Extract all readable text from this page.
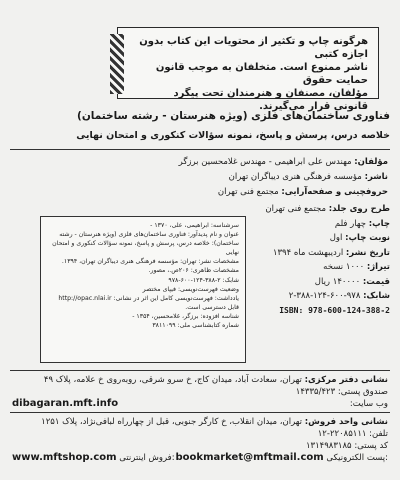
هرگونه چاپ و تکثیر از محتویات این کتاب بدون اجازه کتبی
ناشر ممنوع است. متخلفان به موجب قانون حمایت حقوق
مؤلفان، مصنفان و هنرمندان تحت پیگرد قانونی قرار می‌گیرند.
فناوری ساختمان‌های فلزی (ویژه هنرستان - رشته ساختمان)
خلاصه درس، پرسش و پاسخ، نمونه سؤالات کنکوری و امتحان نهایی
مؤلفان: مهندس علی ابراهیمی - مهندس غلامحسین برزگر
ناشر: مؤسسه فرهنگی هنری دیباگران تهران
حروفچینی و صفحه‌آرایی: مجتمع فنی تهران
طرح روی جلد: مجتمع فنی تهران
چاپ: چهار فلم
نوبت چاپ: اول
تاریخ نشر: اردیبهشت ماه ۱۳۹۴
تیراژ: ۱۰۰۰ نسخه
قیمت: ۱۴۰۰۰۰ ریال
شابک: ۹۷۸-۶۰۰-۱۲۴-۳۸۸-۲
ISBN: 978-600-124-388-2
سرشناسه: ابراهیمی، علی، ۱۳۷۰ -
عنوان و نام پدیدآور: فناوری ساختمان‌های فلزی (ویژه هنرستان - رشته
ساختمان): خلاصه درس، پرسش و پاسخ، نمونه سؤالات کنکوری و امتحان
نهایی
مشخصات نشر: تهران: مؤسسه فرهنگی هنری دیباگران تهران، ۱۳۹۴.
مشخصات ظاهری: ۲۰۶ص.، مصور.
شابک: ۲-۳۸۸-۱۲۴-۶۰۰-۹۷۸
وضعیت فهرست‌نویسی: فیپای مختصر
یادداشت: فهرست‌نویسی کامل این اثر در نشانی: http://opac.nlai.ir
قابل دسترسی است.
شناسه افزوده: برزگر، غلامحسین، ۱۳۵۴ -
شماره کتابشناسی ملی: ۳۸۱۱۰۹۹
نشانی دفتر مرکزی: تهران، سعادت آباد، میدان کاج، خ سرو شرقی، روبه‌روی خ علامه، پلاک ۴۹
صندوق پستی: ۱۴۳۳۵/۴۲۳
dibagaran.mft.info	وب سایت:
نشانی واحد فروش: تهران، میدان انقلاب، خ کارگر جنوبی، قبل از چهارراه لبافی‌نژاد، پلاک ۱۲۵۱
تلفن: ۲۲۰۸۵۱۱۱-۱۲
کد پستی: ۱۳۱۴۹۸۳۱۸۵
www.mftshop.com فروش اینترنتی: bookmarket@mftmail.com پست الکترونیکی:
